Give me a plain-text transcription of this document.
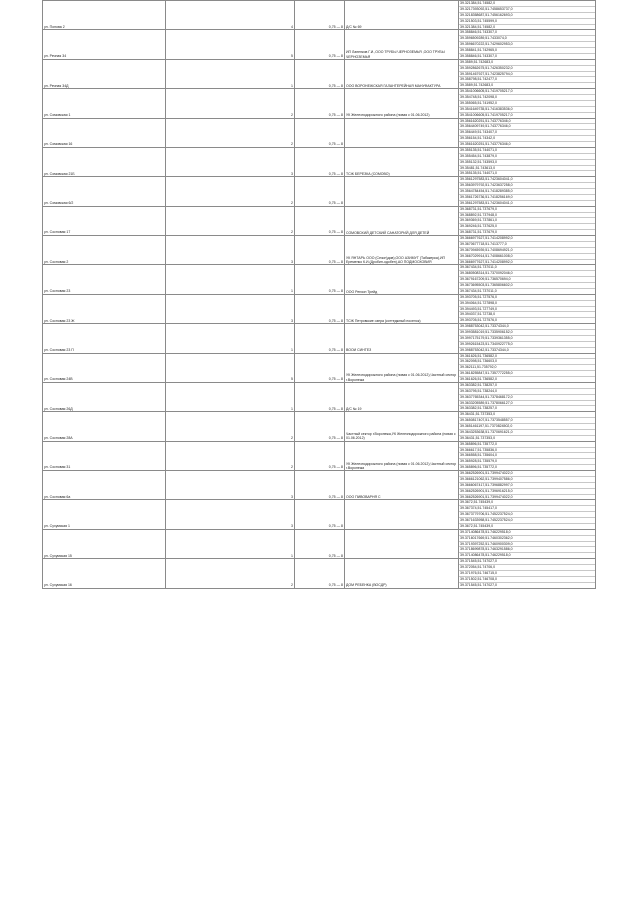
ул. Попова 2	4	0,75 — 8	Д/С № 69	39.321384,51.74582,0
39.3217393092,51.7458653737,0
39.3218358687,51.7456162693,0
39.321503,51.745599,0
39.321384,51.74582,0

ул. Речная 34	5	0,75 — 8	ИП Лапенков Г.И.,ООО ТРУБЫ ЧЕРНОЗЕМЬЯ ,ООО ТРУБЫ ЧЕРНОЗЕМЬЯ	39.358846,51.743307,0
39.3596509289,51.7433074,0
39.3596670222,51.7429602953,0
39.358841,51.742965,0
39.358846,51.743307,0

ул. Речная 34Д	1	0,75 — 8	ООО ВОРОНЕЖСКАЯ ГАЛАНТЕРЕЙНАЯ МАНУФАКТУРА	39.3589,51.742683,0
39.3592862675,51.7426350232,0
39.3591467927,51.7423825794,0
39.358798,51.742477,0
39.3589,51.742683,0

ул. Сомовская 1	2	0,75 — 8	УК Железнодорожного района (новая с 01.06.2012)	39.3541006605,51.7419705217,0
39.354748,51.742098,0
39.355065,51.741952,0
39.3541649735,51.7416383536,0
39.3541006605,51.7419705217,0

ул. Сомовская 16	2	0,75 — 8		39.3561620251,51.743776346,0
39.3564409749,51.743776346,0
39.356449,51.743407,0
39.356154,51.74342,0
39.3561620251,51.743776346,0

ул. Сомовская 21Б	3	0,75 — 8	ТСЖ БЕРЕЗКА (СОМОВО)	39.355135,51.744071,0
39.355454,51.743879,0
39.355132,51.743593,0
39.35481,51.743613,0
39.355135,51.744071,0

ул. Сомовская 6/2	2	0,75 — 8		39.3561297583,51.7423604041,0
39.3563979792,51.7423637258,0
39.3564784454,51.7418289385,0
39.3561726736,51.7418256169,0
39.3561297583,51.7423604041,0

ул. Сосновая 17	2	0,75 — 8	СОМОВСКИЙ ДЕТСКИЙ САНАТОРИЙ ДЛЯ ДЕТЕЙ	39.368731,51.737679,0
39.368892,51.737948,0
39.369369,51.737861,0
39.369246,51.737625,0
39.368731,51.737679,0

ул. Сосновая 2	3	0,75 — 8	УК ЯНТАРЬ ООО (Сезон)дов),ООО АЗИМУТ (Табакерка),ИП Еременко К.И.(Дробин-одобен),АО ПОДМОСКОВИЯ	39.3666977627,51.7414208992,0
39.3670677718,51.7413777,0
39.3670945939,51.7408694921,0
39.3667029914,51.7408661008,0
39.3666977627,51.7414208992,0

ул. Сосновая 23	1	0,75 — 8	ООО Регион Трейд	39.367434,51.737011,0
39.3680508314,51.7370092046,0
39.3679167209,51.736570694,0
39.3673695503,51.7365806602,0
39.367434,51.737011,0

ул. Сосновая 23 Ж	3	0,75 — 8	ТСЖ Петровские озера (коттеджный поселок)	39.393705,51.727576,0
39.394064,51.727898,0
39.394493,51.727749,0
39.394037,51.72738,0
39.393705,51.727576,0

ул. Сосновая 23 П	1	0,75 — 8	ВООИ СИНТЕЗ	39.3988753042,51.73374344,0
39.3993581019,51.7335906152,0
39.3997175179,51.7339361355,0
39.3992615423,51.7340922775,0
39.3988753042,51.73374344,0

ул. Сосновая 24В	5	0,75 — 8	УК Железнодорожного района (новая с 01.06.2012),Частный сектор г.Воронежа	39.361626,51.736582,0
39.362098,51.736603,0
39.362111,51.735792,0
39.3618255847,51.7357772255,0
39.361626,51.736582,0

ул. Сосновая 26Д	1	0,75 — 8	Д/С № 19	39.363382,51.738257,0
39.363795,51.738244,0
39.3637765344,51.7378468172,0
39.3633205589,51.7378066127,0
39.363382,51.738257,0

ул. Сосновая 28А	2	0,75 — 8	Частный сектор г.Воронежа,УК Железнодорожного района (новая с 01.06.2012)	39.36431,51.737353,0
39.3650817407,51.7373548557,0
39.3651461197,51.7370824502,0
39.3643253638,51.7370691621,0
39.36431,51.737353,0

ул. Сосновая 31	2	0,75 — 8	УК Железнодорожного района (новая с 01.06.2012),Частный сектор г.Воронежа	39.365896,51.735772,0
39.366617,51.735836,0
39.366558,51.735604,0
39.365928,51.735579,0
39.365896,51.735772,0

ул. Сосновая 6а	3	0,75 — 8	ООО ПИВОВАРНЯ С	39.3662526901,51.7399474022,0
39.3666121062,51.7399407586,0
39.3666067417,51.7396882997,0
39.3662526901,51.7396916215,0
39.3662526901,51.7399474022,0

ул. Сухумская 1	3	0,75 — 8		39.3672,51.745439,0
39.367374,51.745417,0
39.3673779706,51.7452237524,0
39.3671633958,51.7452237524,0
39.3672,51.745439,0

ул. Сухумская 15	1	0,75 — 8		39.3714086478,51.746229518,0
39.3716017669,51.7460302362,0
39.3719397252,51.7460900309,0
39.3718699878,51.7463291586,0
39.3714086478,51.746229518,0

ул. Сухумская 16	2	0,75 — 8	ДОМ РЕБЕНКА (ВОСДР)	39.371545,51.747027,0
39.372054,51.74706,0
39.371976,51.746715,0
39.371502,51.746708,0
39.371545,51.747027,0
